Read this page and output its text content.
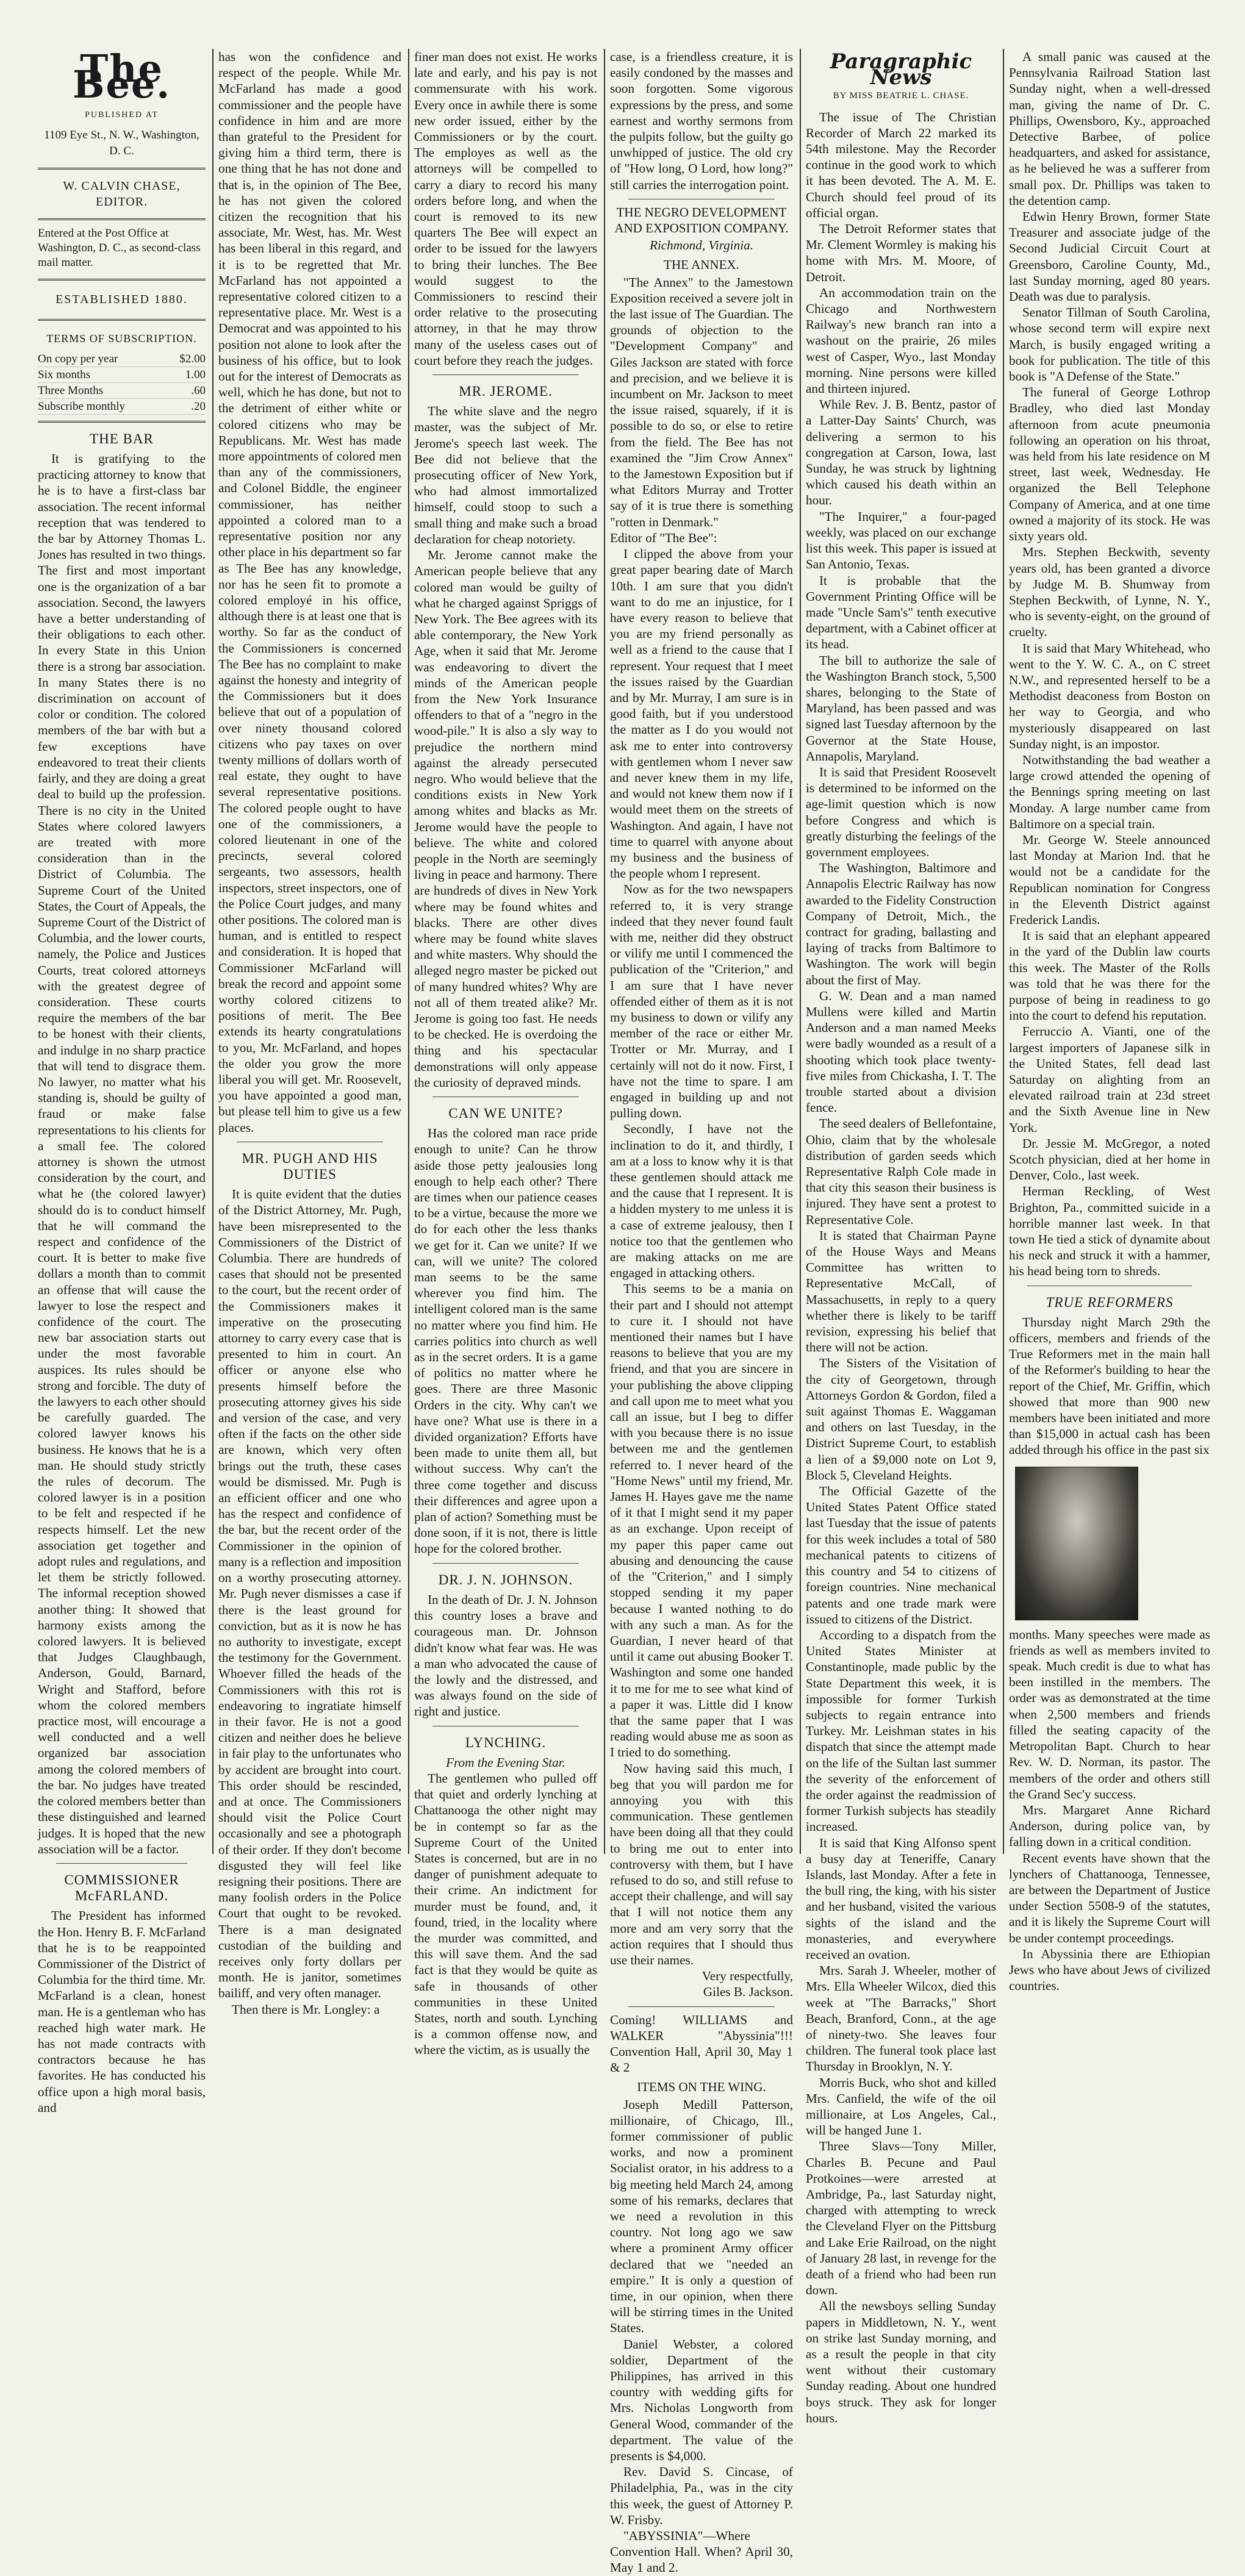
The Bee.
PUBLISHED AT
1109 Eye St., N. W., Washington, D. C.
W. CALVIN CHASE, EDITOR.
Entered at the Post Office at Washington, D. C., as second-class mail matter.
ESTABLISHED 1880.
TERMS OF SUBSCRIPTION.
On copy per year	$2.00
Six months	1.00
Three Months	.60
Subscribe monthly	.20
THE BAR

It is gratifying to the practicing attorney to know that he is to have a first-class bar association. The recent informal reception that was tendered to the bar by Attorney Thomas L. Jones has resulted in two things. The first and most important one is the organization of a bar association. Second, the lawyers have a better understanding of their obligations to each other. In every State in this Union there is a strong bar association. In many States there is no discrimination on account of color or condition. The colored members of the bar with but a few exceptions have endeavored to treat their clients fairly, and they are doing a great deal to build up the profession. There is no city in the United States where colored lawyers are treated with more consideration than in the District of Columbia. The Supreme Court of the United States, the Court of Appeals, the Supreme Court of the District of Columbia, and the lower courts, namely, the Police and Justices Courts, treat colored attorneys with the greatest degree of consideration. These courts require the members of the bar to be honest with their clients, and indulge in no sharp practice that will tend to disgrace them. No lawyer, no matter what his standing is, should be guilty of fraud or make false representations to his clients for a small fee. The colored attorney is shown the utmost consideration by the court, and what he (the colored lawyer) should do is to conduct himself that he will command the respect and confidence of the court. It is better to make five dollars a month than to commit an offense that will cause the lawyer to lose the respect and confidence of the court. The new bar association starts out under the most favorable auspices. Its rules should be strong and forcible. The duty of the lawyers to each other should be carefully guarded. The colored lawyer knows his business. He knows that he is a man. He should study strictly the rules of decorum. The colored lawyer is in a position to be felt and respected if he respects himself. Let the new association get together and adopt rules and regulations, and let them be strictly followed. The informal reception showed another thing: It showed that harmony exists among the colored lawyers. It is believed that Judges Claughbaugh, Anderson, Gould, Barnard, Wright and Stafford, before whom the colored members practice most, will encourage a well conducted and a well organized bar association among the colored members of the bar. No judges have treated the colored members better than these distinguished and learned judges. It is hoped that the new association will be a factor.

COMMISSIONER McFARLAND.

The President has informed the Hon. Henry B. F. McFarland that he is to be reappointed Commissioner of the District of Columbia for the third time. Mr. McFarland is a clean, honest man. He is a gentleman who has reached high water mark. He has not made contracts with contractors because he has favorites. He has conducted his office upon a high moral basis, and

has won the confidence and respect of the people. While Mr. McFarland has made a good commissioner and the people have confidence in him and are more than grateful to the President for giving him a third term, there is one thing that he has not done and that is, in the opinion of The Bee, he has not given the colored citizen the recognition that his associate, Mr. West, has. Mr. West has been liberal in this regard, and it is to be regretted that Mr. McFarland has not appointed a representative colored citizen to a representative place. Mr. West is a Democrat and was appointed to his position not alone to look after the business of his office, but to look out for the interest of Democrats as well, which he has done, but not to the detriment of either white or colored citizens who may be Republicans. Mr. West has made more appointments of colored men than any of the commissioners, and Colonel Biddle, the engineer commissioner, has neither appointed a colored man to a representative position nor any other place in his department so far as The Bee has any knowledge, nor has he seen fit to promote a colored employé in his office, although there is at least one that is worthy. So far as the conduct of the Commissioners is concerned The Bee has no complaint to make against the honesty and integrity of the Commissioners but it does believe that out of a population of over ninety thousand colored citizens who pay taxes on over twenty millions of dollars worth of real estate, they ought to have several representative positions. The colored people ought to have one of the commissioners, a colored lieutenant in one of the precincts, several colored sergeants, two assessors, health inspectors, street inspectors, one of the Police Court judges, and many other positions. The colored man is human, and is entitled to respect and consideration. It is hoped that Commissioner McFarland will break the record and appoint some worthy colored citizens to positions of merit. The Bee extends its hearty congratulations to you, Mr. McFarland, and hopes the older you grow the more liberal you will get. Mr. Roosevelt, you have appointed a good man, but please tell him to give us a few places.

MR. PUGH AND HIS DUTIES

It is quite evident that the duties of the District Attorney, Mr. Pugh, have been misrepresented to the Commissioners of the District of Columbia. There are hundreds of cases that should not be presented to the court, but the recent order of the Commissioners makes it imperative on the prosecuting attorney to carry every case that is presented to him in court. An officer or anyone else who presents himself before the prosecuting attorney gives his side and version of the case, and very often if the facts on the other side are known, which very often brings out the truth, these cases would be dismissed. Mr. Pugh is an efficient officer and one who has the respect and confidence of the bar, but the recent order of the Commissioner in the opinion of many is a reflection and imposition on a worthy prosecuting attorney. Mr. Pugh never dismisses a case if there is the least ground for conviction, but as it is now he has no authority to investigate, except the testimony for the Government. Whoever filled the heads of the Commissioners with this rot is endeavoring to ingratiate himself in their favor. He is not a good citizen and neither does he believe in fair play to the unfortunates who by accident are brought into court. This order should be rescinded, and at once. The Commissioners should visit the Police Court occasionally and see a photograph of their order. If they don't become disgusted they will feel like resigning their positions. There are many foolish orders in the Police Court that ought to be revoked. There is a man designated custodian of the building and receives only forty dollars per month. He is janitor, sometimes bailiff, and very often manager.

Then there is Mr. Longley: a

finer man does not exist. He works late and early, and his pay is not commensurate with his work. Every once in awhile there is some new order issued, either by the Commissioners or by the court. The employes as well as the attorneys will be compelled to carry a diary to record his many orders before long, and when the court is removed to its new quarters The Bee will expect an order to be issued for the lawyers to bring their lunches. The Bee would suggest to the Commissioners to rescind their order relative to the prosecuting attorney, in that he may throw many of the useless cases out of court before they reach the judges.

MR. JEROME.

The white slave and the negro master, was the subject of Mr. Jerome's speech last week. The Bee did not believe that the prosecuting officer of New York, who had almost immortalized himself, could stoop to such a small thing and make such a broad declaration for cheap notoriety.

Mr. Jerome cannot make the American people believe that any colored man would be guilty of what he charged against Spriggs of New York. The Bee agrees with its able contemporary, the New York Age, when it said that Mr. Jerome was endeavoring to divert the minds of the American people from the New York Insurance offenders to that of a "negro in the wood-pile." It is also a sly way to prejudice the northern mind against the already persecuted negro. Who would believe that the conditions exists in New York among whites and blacks as Mr. Jerome would have the people to believe. The white and colored people in the North are seemingly living in peace and harmony. There are hundreds of dives in New York where may be found whites and blacks. There are other dives where may be found white slaves and white masters. Why should the alleged negro master be picked out of many hundred whites? Why are not all of them treated alike? Mr. Jerome is going too fast. He needs to be checked. He is overdoing the thing and his spectacular demonstrations will only appease the curiosity of depraved minds.

CAN WE UNITE?

Has the colored man race pride enough to unite? Can he throw aside those petty jealousies long enough to help each other? There are times when our patience ceases to be a virtue, because the more we do for each other the less thanks we get for it. Can we unite? If we can, will we unite? The colored man seems to be the same wherever you find him. The intelligent colored man is the same no matter where you find him. He carries politics into church as well as in the secret orders. It is a game of politics no matter where he goes. There are three Masonic Orders in the city. Why can't we have one? What use is there in a divided organization? Efforts have been made to unite them all, but without success. Why can't the three come together and discuss their differences and agree upon a plan of action? Something must be done soon, if it is not, there is little hope for the colored brother.

DR. J. N. JOHNSON.

In the death of Dr. J. N. Johnson this country loses a brave and courageous man. Dr. Johnson didn't know what fear was. He was a man who advocated the cause of the lowly and the distressed, and was always found on the side of right and justice.

LYNCHING.
From the Evening Star.

The gentlemen who pulled off that quiet and orderly lynching at Chattanooga the other night may be in contempt so far as the Supreme Court of the United States is concerned, but are in no danger of punishment adequate to their crime. An indictment for murder must be found, and, it found, tried, in the locality where the murder was committed, and this will save them. And the sad fact is that they would be quite as safe in thousands of other communities in these United States, north and south. Lynching is a common offense now, and where the victim, as is usually the

case, is a friendless creature, it is easily condoned by the masses and soon forgotten. Some vigorous expressions by the press, and some earnest and worthy sermons from the pulpits follow, but the guilty go unwhipped of justice. The old cry of "How long, O Lord, how long?" still carries the interrogation point.

THE NEGRO DEVELOPMENT AND EXPOSITION COMPANY.
Richmond, Virginia.
THE ANNEX.

"The Annex" to the Jamestown Exposition received a severe jolt in the last issue of The Guardian. The grounds of objection to the "Development Company" and Giles Jackson are stated with force and precision, and we believe it is incumbent on Mr. Jackson to meet the issue raised, squarely, if it is possible to do so, or else to retire from the field. The Bee has not examined the "Jim Crow Annex" to the Jamestown Exposition but if what Editors Murray and Trotter say of it is true there is something "rotten in Denmark."

Editor of "The Bee":

I clipped the above from your great paper bearing date of March 10th. I am sure that you didn't want to do me an injustice, for I have every reason to believe that you are my friend personally as well as a friend to the cause that I represent. Your request that I meet the issues raised by the Guardian and by Mr. Murray, I am sure is in good faith, but if you understood the matter as I do you would not ask me to enter into controversy with gentlemen whom I never saw and never knew them in my life, and would not knew them now if I would meet them on the streets of Washington. And again, I have not time to quarrel with anyone about my business and the business of the people whom I represent.

Now as for the two newspapers referred to, it is very strange indeed that they never found fault with me, neither did they obstruct or vilify me until I commenced the publication of the "Criterion," and I am sure that I have never offended either of them as it is not my business to down or vilify any member of the race or either Mr. Trotter or Mr. Murray, and I certainly will not do it now. First, I have not the time to spare. I am engaged in building up and not pulling down.

Secondly, I have not the inclination to do it, and thirdly, I am at a loss to know why it is that these gentlemen should attack me and the cause that I represent. It is a hidden mystery to me unless it is a case of extreme jealousy, then I notice too that the gentlemen who are making attacks on me are engaged in attacking others.

This seems to be a mania on their part and I should not attempt to cure it. I should not have mentioned their names but I have reasons to believe that you are my friend, and that you are sincere in your publishing the above clipping and call upon me to meet what you call an issue, but I beg to differ with you because there is no issue between me and the gentlemen referred to. I never heard of the "Home News" until my friend, Mr. James H. Hayes gave me the name of it that I might send it my paper as an exchange. Upon receipt of my paper this paper came out abusing and denouncing the cause of the "Criterion," and I simply stopped sending it my paper because I wanted nothing to do with any such a man. As for the Guardian, I never heard of that until it came out abusing Booker T. Washington and some one handed it to me for me to see what kind of a paper it was. Little did I know that the same paper that I was reading would abuse me as soon as I tried to do something.

Now having said this much, I beg that you will pardon me for annoying you with this communication. These gentlemen have been doing all that they could to bring me out to enter into controversy with them, but I have refused to do so, and still refuse to accept their challenge, and will say that I will not notice them any more and am very sorry that the action requires that I should thus use their names.

Very respectfully,
Giles B. Jackson.

Coming! WILLIAMS and WALKER "Abyssinia"!!! Convention Hall, April 30, May 1 & 2

ITEMS ON THE WING.

Joseph Medill Patterson, millionaire, of Chicago, Ill., former commissioner of public works, and now a prominent Socialist orator, in his address to a big meeting held March 24, among some of his remarks, declares that we need a revolution in this country. Not long ago we saw where a prominent Army officer declared that we "needed an empire." It is only a question of time, in our opinion, when there will be stirring times in the United States.

Daniel Webster, a colored soldier, Department of the Philippines, has arrived in this country with wedding gifts for Mrs. Nicholas Longworth from General Wood, commander of the department. The value of the presents is $4,000.

Rev. David S. Cincase, of Philadelphia, Pa., was in the city this week, the guest of Attorney P. W. Frisby.

"ABYSSINIA"—Where Convention Hall. When? April 30, May 1 and 2.

Paragraphic News
BY MISS BEATRIE L. CHASE.

The issue of The Christian Recorder of March 22 marked its 54th milestone. May the Recorder continue in the good work to which it has been devoted. The A. M. E. Church should feel proud of its official organ.

The Detroit Reformer states that Mr. Clement Wormley is making his home with Mrs. M. Moore, of Detroit.

An accommodation train on the Chicago and Northwestern Railway's new branch ran into a washout on the prairie, 26 miles west of Casper, Wyo., last Monday morning. Nine persons were killed and thirteen injured.

While Rev. J. B. Bentz, pastor of a Latter-Day Saints' Church, was delivering a sermon to his congregation at Carson, Iowa, last Sunday, he was struck by lightning which caused his death within an hour.

"The Inquirer," a four-paged weekly, was placed on our exchange list this week. This paper is issued at San Antonio, Texas.

It is probable that the Government Printing Office will be made "Uncle Sam's" tenth executive department, with a Cabinet officer at its head.

The bill to authorize the sale of the Washington Branch stock, 5,500 shares, belonging to the State of Maryland, has been passed and was signed last Tuesday afternoon by the Governor at the State House, Annapolis, Maryland.

It is said that President Roosevelt is determined to be informed on the age-limit question which is now before Congress and which is greatly disturbing the feelings of the government employees.

The Washington, Baltimore and Annapolis Electric Railway has now awarded to the Fidelity Construction Company of Detroit, Mich., the contract for grading, ballasting and laying of tracks from Baltimore to Washington. The work will begin about the first of May.

G. W. Dean and a man named Mullens were killed and Martin Anderson and a man named Meeks were badly wounded as a result of a shooting which took place twenty-five miles from Chickasha, I. T. The trouble started about a division fence.

The seed dealers of Bellefontaine, Ohio, claim that by the wholesale distribution of garden seeds which Representative Ralph Cole made in that city this season their business is injured. They have sent a protest to Representative Cole.

It is stated that Chairman Payne of the House Ways and Means Committee has written to Representative McCall, of Massachusetts, in reply to a query whether there is likely to be tariff revision, expressing his belief that there will not be action.

The Sisters of the Visitation of the city of Georgetown, through Attorneys Gordon & Gordon, filed a suit against Thomas E. Waggaman and others on last Tuesday, in the District Supreme Court, to establish a lien of a $9,000 note on Lot 9, Block 5, Cleveland Heights.

The Official Gazette of the United States Patent Office stated last Tuesday that the issue of patents for this week includes a total of 580 mechanical patents to citizens of this country and 54 to citizens of foreign countries. Nine mechanical patents and one trade mark were issued to citizens of the District.

According to a dispatch from the United States Minister at Constantinople, made public by the State Department this week, it is impossible for former Turkish subjects to regain entrance into Turkey. Mr. Leishman states in his dispatch that since the attempt made on the life of the Sultan last summer the severity of the enforcement of the order against the readmission of former Turkish subjects has steadily increased.

It is said that King Alfonso spent a busy day at Teneriffe, Canary Islands, last Monday. After a fete in the bull ring, the king, with his sister and her husband, visited the various sights of the island and the monasteries, and everywhere received an ovation.

Mrs. Sarah J. Wheeler, mother of Mrs. Ella Wheeler Wilcox, died this week at "The Barracks," Short Beach, Branford, Conn., at the age of ninety-two. She leaves four children. The funeral took place last Thursday in Brooklyn, N. Y.

Morris Buck, who shot and killed Mrs. Canfield, the wife of the oil millionaire, at Los Angeles, Cal., will be hanged June 1.

Three Slavs—Tony Miller, Charles B. Pecune and Paul Protkoines—were arrested at Ambridge, Pa., last Saturday night, charged with attempting to wreck the Cleveland Flyer on the Pittsburg and Lake Erie Railroad, on the night of January 28 last, in revenge for the death of a friend who had been run down.

All the newsboys selling Sunday papers in Middletown, N. Y., went on strike last Sunday morning, and as a result the people in that city went without their customary Sunday reading. About one hundred boys struck. They ask for longer hours.

A small panic was caused at the Pennsylvania Railroad Station last Sunday night, when a well-dressed man, giving the name of Dr. C. Phillips, Owensboro, Ky., approached Detective Barbee, of police headquarters, and asked for assistance, as he believed he was a sufferer from small pox. Dr. Phillips was taken to the detention camp.

Edwin Henry Brown, former State Treasurer and associate judge of the Second Judicial Circuit Court at Greensboro, Caroline County, Md., last Sunday morning, aged 80 years. Death was due to paralysis.

Senator Tillman of South Carolina, whose second term will expire next March, is busily engaged writing a book for publication. The title of this book is "A Defense of the State."

The funeral of George Lothrop Bradley, who died last Monday afternoon from acute pneumonia following an operation on his throat, was held from his late residence on M street, last week, Wednesday. He organized the Bell Telephone Company of America, and at one time owned a majority of its stock. He was sixty years old.

Mrs. Stephen Beckwith, seventy years old, has been granted a divorce by Judge M. B. Shumway from Stephen Beckwith, of Lynne, N. Y., who is seventy-eight, on the ground of cruelty.

It is said that Mary Whitehead, who went to the Y. W. C. A., on C street N.W., and represented herself to be a Methodist deaconess from Boston on her way to Georgia, and who mysteriously disappeared on last Sunday night, is an impostor.

Notwithstanding the bad weather a large crowd attended the opening of the Bennings spring meeting on last Monday. A large number came from Baltimore on a special train.

Mr. George W. Steele announced last Monday at Marion Ind. that he would not be a candidate for the Republican nomination for Congress in the Eleventh District against Frederick Landis.

It is said that an elephant appeared in the yard of the Dublin law courts this week. The Master of the Rolls was told that he was there for the purpose of being in readiness to go into the court to defend his reputation.

Ferruccio A. Vianti, one of the largest importers of Japanese silk in the United States, fell dead last Saturday on alighting from an elevated railroad train at 23d street and the Sixth Avenue line in New York.

Dr. Jessie M. McGregor, a noted Scotch physician, died at her home in Denver, Colo., last week.

Herman Reckling, of West Brighton, Pa., committed suicide in a horrible manner last week. In that town He tied a stick of dynamite about his neck and struck it with a hammer, his head being torn to shreds.

TRUE REFORMERS

Thursday night March 29th the officers, members and friends of the True Reformers met in the main hall of the Reformer's building to hear the report of the Chief, Mr. Griffin, which showed that more than 900 new members have been initiated and more than $15,000 in actual cash has been added through his office in the past six

months. Many speeches were made as friends as well as members invited to speak. Much credit is due to what has been instilled in the members. The order was as demonstrated at the time when 2,500 members and friends filled the seating capacity of the Metropolitan Bapt. Church to hear Rev. W. D. Norman, its pastor. The members of the order and others still the Grand Sec'y success.

Mrs. Margaret Anne Richard Anderson, during police van, by falling down in a critical condition.

Recent events have shown that the lynchers of Chattanooga, Tennessee, are between the Department of Justice under Section 5508-9 of the statutes, and it is likely the Supreme Court will be under contempt proceedings.

In Abyssinia there are Ethiopian Jews who have about Jews of civilized countries.
